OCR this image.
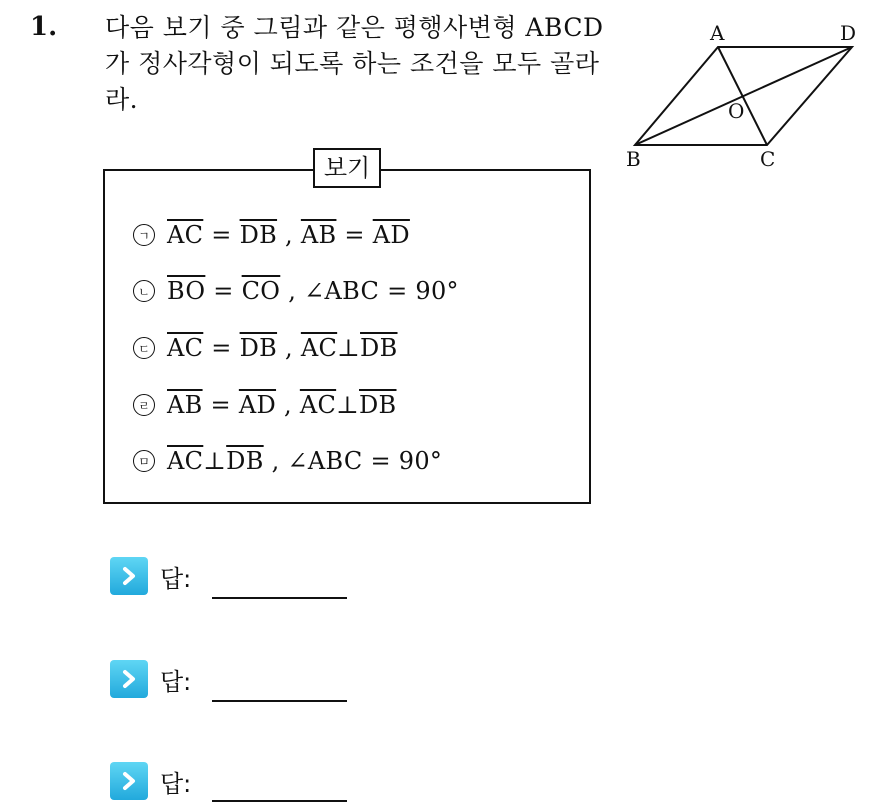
1. 다음 보기 중 그림과 같은 평행사변형 ABCD 가 정사각형이 되도록 하는 조건을 모두 골라라.
A	D
B	C
O
보기
ㄱ $\overline{AC} = \overline{DB}$ , $\overline{AB} = \overline{AD}$
ㄴ $\overline{BO} = \overline{CO}$ , ∠ABC = 90°
ㄷ $\overline{AC} = \overline{DB}$ , $\overline{AC}\perp\overline{DB}$
ㄹ $\overline{AB} = \overline{AD}$ , $\overline{AC}\perp\overline{DB}$
ㅁ $\overline{AC}\perp\overline{DB}$ , ∠ABC = 90°
답:
답:
답:
